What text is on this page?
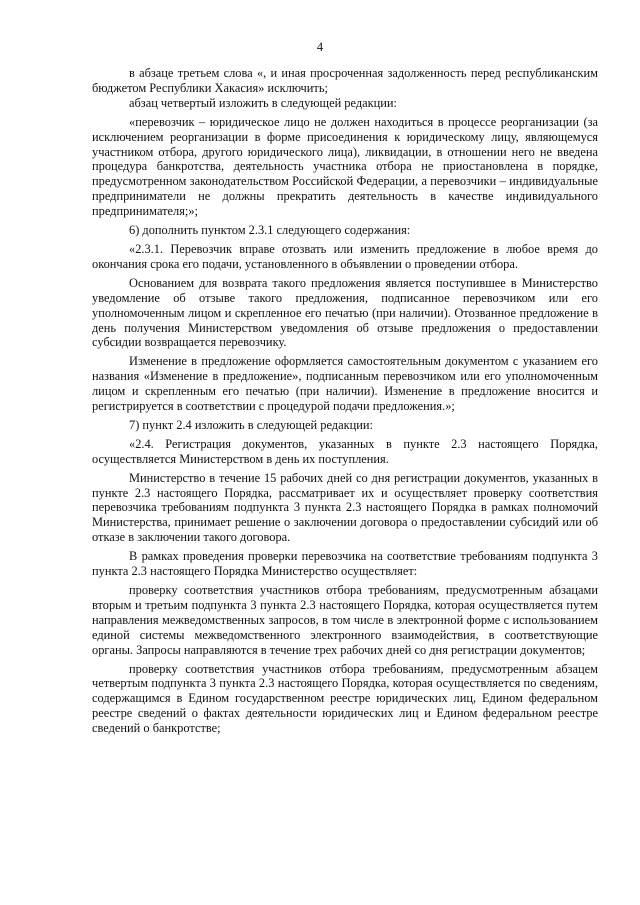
4

в абзаце третьем слова «, и иная просроченная задолженность перед республиканским бюджетом Республики Хакасия» исключить;

абзац четвертый изложить в следующей редакции:

«перевозчик – юридическое лицо не должен находиться в процессе реорганизации (за исключением реорганизации в форме присоединения к юридическому лицу, являющемуся участником отбора, другого юридического лица), ликвидации, в отношении него не введена процедура банкротства, деятельность участника отбора не приостановлена в порядке, предусмотренном законодательством Российской Федерации, а перевозчики – индивидуальные предприниматели не должны прекратить деятельность в качестве индивидуального предпринимателя;»;

6) дополнить пунктом 2.3.1 следующего содержания:

«2.3.1. Перевозчик вправе отозвать или изменить предложение в любое время до окончания срока его подачи, установленного в объявлении о проведении отбора.

Основанием для возврата такого предложения является поступившее в Министерство уведомление об отзыве такого предложения, подписанное перевозчиком или его уполномоченным лицом и скрепленное его печатью (при наличии). Отозванное предложение в день получения Министерством уведомления об отзыве предложения о предоставлении субсидии возвращается перевозчику.

Изменение в предложение оформляется самостоятельным документом с указанием его названия «Изменение в предложение», подписанным перевозчиком или его уполномоченным лицом и скрепленным его печатью (при наличии). Изменение в предложение вносится и регистрируется в соответствии с процедурой подачи предложения.»;

7) пункт 2.4 изложить в следующей редакции:

«2.4. Регистрация документов, указанных в пункте 2.3 настоящего Порядка, осуществляется Министерством в день их поступления.

Министерство в течение 15 рабочих дней со дня регистрации документов, указанных в пункте 2.3 настоящего Порядка, рассматривает их и осуществляет проверку соответствия перевозчика требованиям подпункта 3 пункта 2.3 настоящего Порядка в рамках полномочий Министерства, принимает решение о заключении договора о предоставлении субсидий или об отказе в заключении такого договора.

В рамках проведения проверки перевозчика на соответствие требованиям подпункта 3 пункта 2.3 настоящего Порядка Министерство осуществляет:

проверку соответствия участников отбора требованиям, предусмотренным абзацами вторым и третьим подпункта 3 пункта 2.3 настоящего Порядка, которая осуществляется путем направления межведомственных запросов, в том числе в электронной форме с использованием единой системы межведомственного электронного взаимодействия, в соответствующие органы. Запросы направляются в течение трех рабочих дней со дня регистрации документов;

проверку соответствия участников отбора требованиям, предусмотренным абзацем четвертым подпункта 3 пункта 2.3 настоящего Порядка, которая осуществляется по сведениям, содержащимся в Едином государственном реестре юридических лиц, Едином федеральном реестре сведений о фактах деятельности юридических лиц и Едином федеральном реестре сведений о банкротстве;
